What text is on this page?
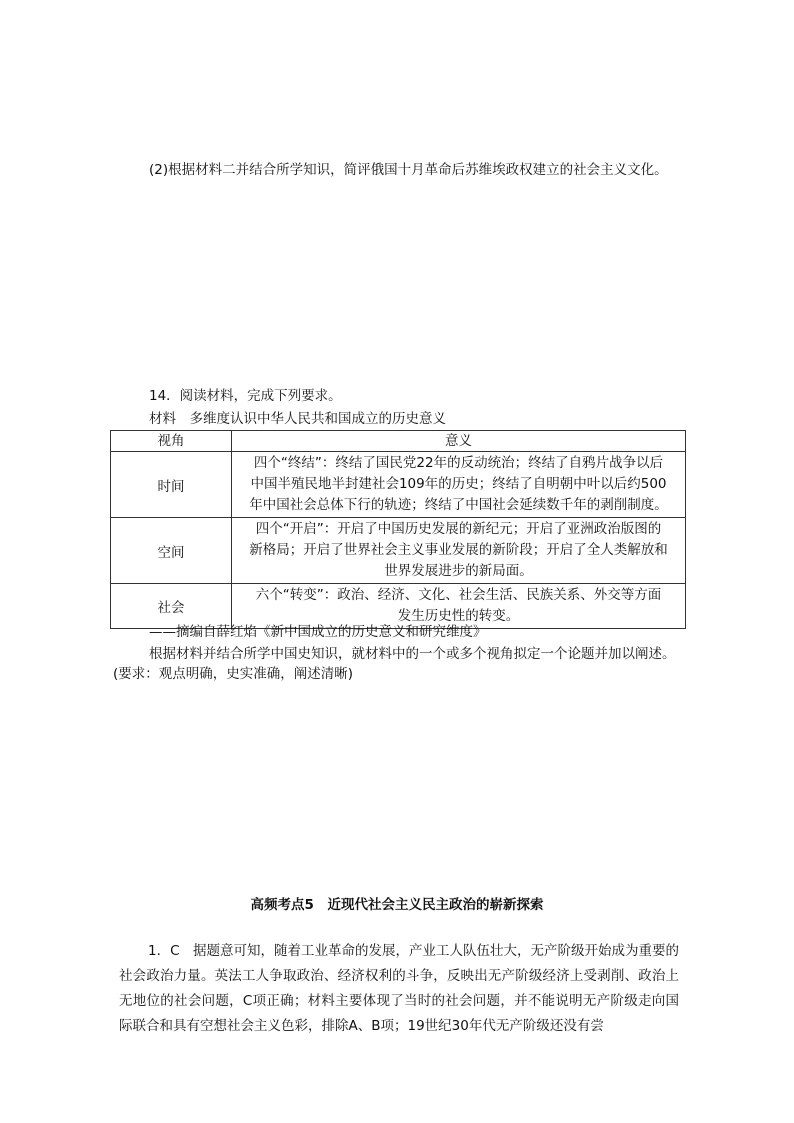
(2)根据材料二并结合所学知识，简评俄国十月革命后苏维埃政权建立的社会主义文化。
14．阅读材料，完成下列要求。
材料　多维度认识中华人民共和国成立的历史意义
视角	意义
时间	四个“终结”：终结了国民党22年的反动统治；终结了自鸦片战争以后
中国半殖民地半封建社会109年的历史；终结了自明朝中叶以后约500
年中国社会总体下行的轨迹；终结了中国社会延续数千年的剥削制度。

空间	四个“开启”：开启了中国历史发展的新纪元；开启了亚洲政治版图的
新格局；开启了世界社会主义事业发展的新阶段；开启了全人类解放和
世界发展进步的新局面。

社会	六个“转变”：政治、经济、文化、社会生活、民族关系、外交等方面
发生历史性的转变。
——摘编自薛红焰《新中国成立的历史意义和研究维度》
根据材料并结合所学中国史知识，就材料中的一个或多个视角拟定一个论题并加以阐述。
(要求：观点明确，史实准确，阐述清晰)
高频考点5　近现代社会主义民主政治的崭新探索
1．C　据题意可知，随着工业革命的发展，产业工人队伍壮大，无产阶级开始成为重要的社会政治力量。英法工人争取政治、经济权利的斗争，反映出无产阶级经济上受剥削、政治上无地位的社会问题，C项正确；材料主要体现了当时的社会问题，并不能说明无产阶级走向国际联合和具有空想社会主义色彩，排除A、B项；19世纪30年代无产阶级还没有尝
